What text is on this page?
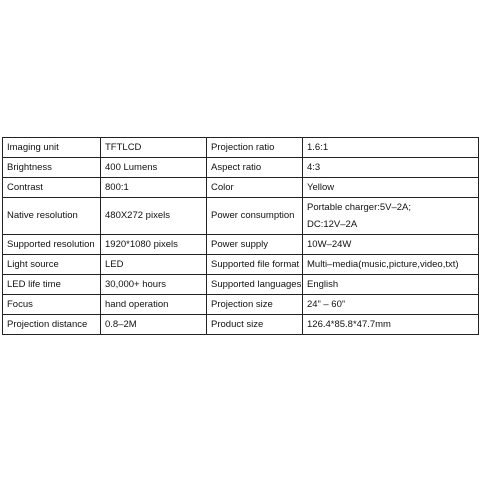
Imaging unit	TFTLCD	Projection ratio	1.6:1
Brightness	400 Lumens	Aspect ratio	4:3
Contrast	800:1	Color	Yellow
Native resolution	480X272 pixels	Power consumption	Portable charger:5V–2A;
DC:12V–2A

Supported resolution	1920*1080 pixels	Power supply	10W–24W
Light source	LED	Supported file format	Multi–media(music,picture,video,txt)
LED life time	30,000+ hours	Supported languages	English
Focus	hand operation	Projection size	24” – 60”
Projection distance	0.8–2M	Product size	126.4*85.8*47.7mm
